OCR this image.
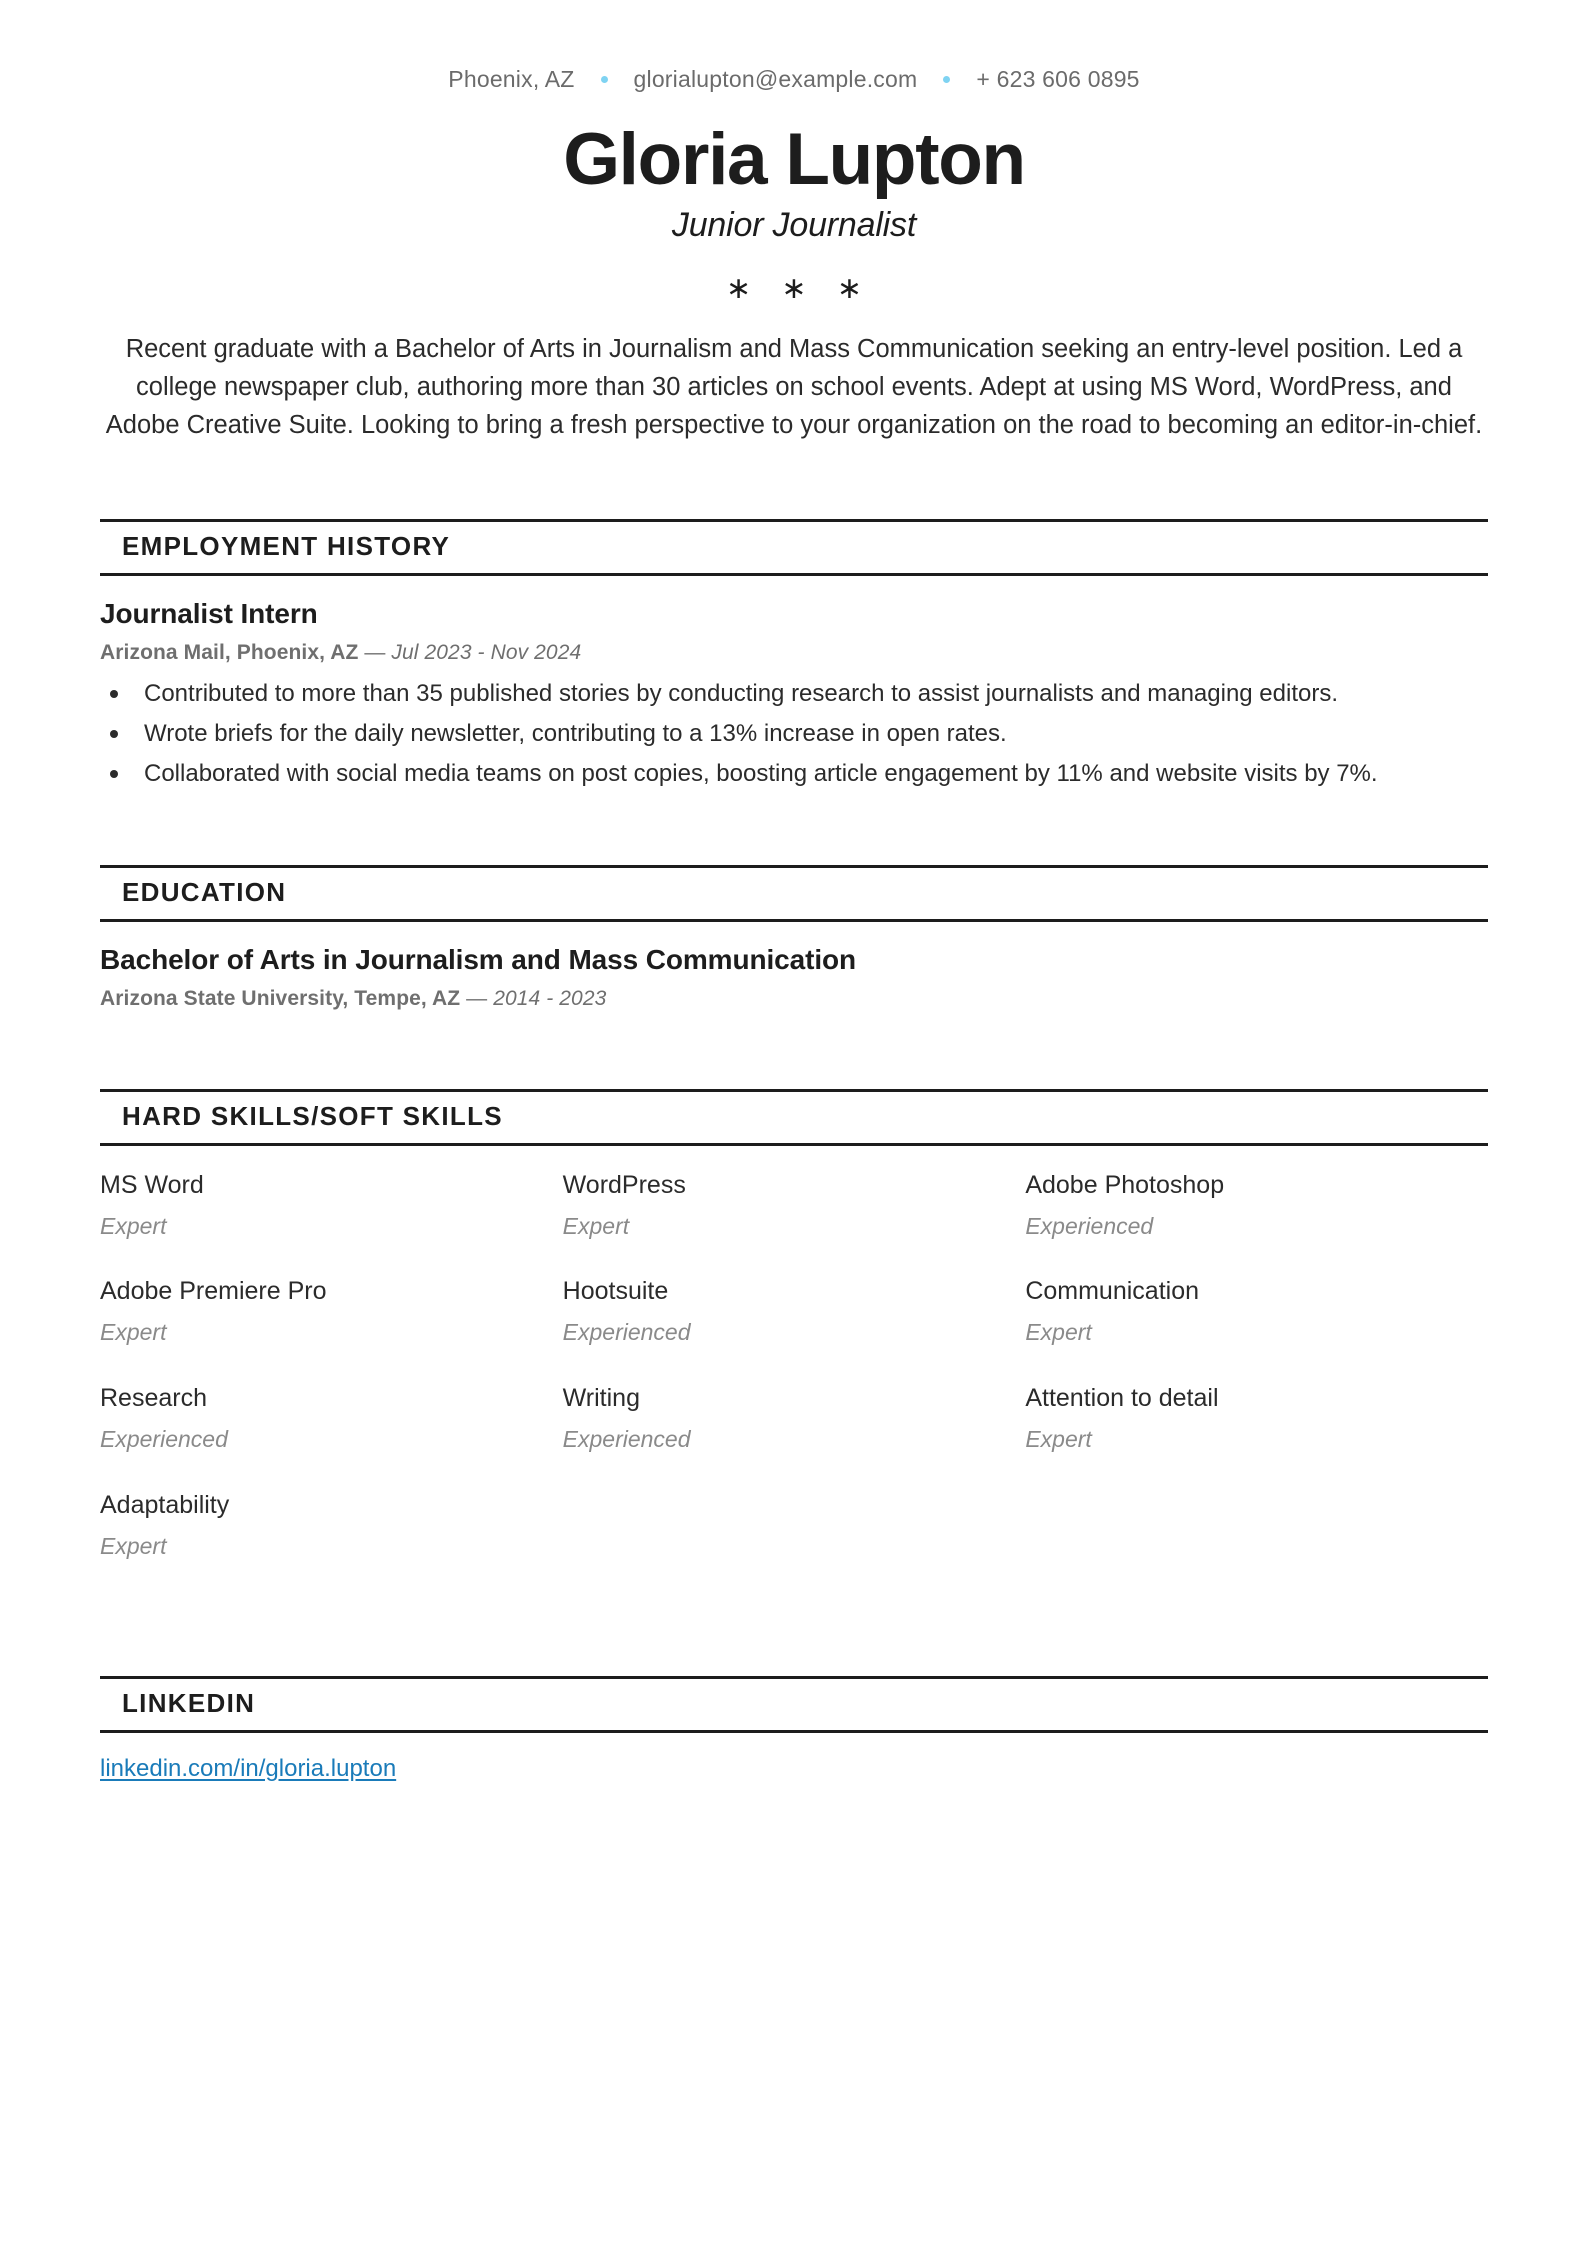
Phoenix, AZ	glorialupton@example.com	+ 623 606 0895
Gloria Lupton
Junior Journalist
∗ ∗ ∗
Recent graduate with a Bachelor of Arts in Journalism and Mass Communication seeking an entry-level position. Led a college newspaper club, authoring more than 30 articles on school events. Adept at using MS Word, WordPress, and Adobe Creative Suite. Looking to bring a fresh perspective to your organization on the road to becoming an editor-in-chief.
EMPLOYMENT HISTORY
Journalist Intern
Arizona Mail, Phoenix, AZ — Jul 2023 - Nov 2024
Contributed to more than 35 published stories by conducting research to assist journalists and managing editors.
Wrote briefs for the daily newsletter, contributing to a 13% increase in open rates.
Collaborated with social media teams on post copies, boosting article engagement by 11% and website visits by 7%.
EDUCATION
Bachelor of Arts in Journalism and Mass Communication
Arizona State University, Tempe, AZ — 2014 - 2023
HARD SKILLS/SOFT SKILLS
MS Word
Expert
WordPress
Expert
Adobe Photoshop
Experienced
Adobe Premiere Pro
Expert
Hootsuite
Experienced
Communication
Expert
Research
Experienced
Writing
Experienced
Attention to detail
Expert
Adaptability
Expert
LINKEDIN
linkedin.com/in/gloria.lupton
